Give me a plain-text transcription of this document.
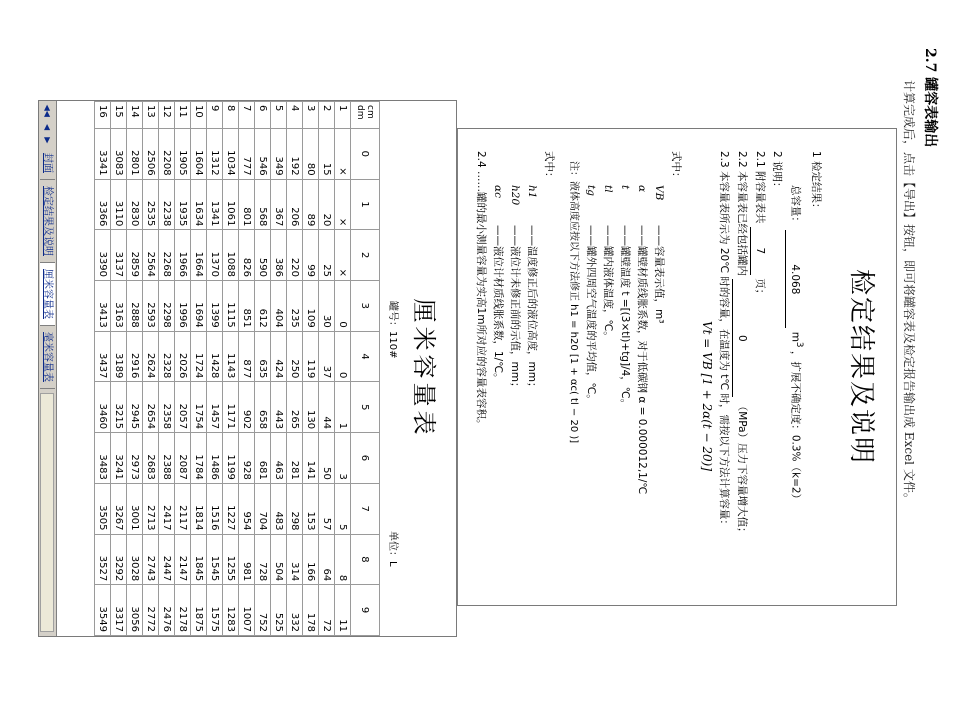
2.7 罐容表输出
计算完成后，点击【导出】按钮，即可将罐容表及检定报告输出成 Excel 文件。
检定结果及说明
1 检定结果：
总容量： 4.068 $m^3$ ，扩展不确定度：0.3%（k=2）
2 说明：
2.1 附容量表共 7 页；
2.2 本容量表已经包括罐内 0 （MPa）压力下容量增大值；
2.3 本容量表所示为 20℃ 时的容量，在温度为 t℃ 时，需按以下方法计算容量：
Vt = VB [1 + 2α(t − 20)]
式中：
VB——容量表示值，m³
α——罐壁材质线胀系数，对于低碳钢 α = 0.000012,1/℃
t——罐壁温度 t =[(3×tl)+tg]/4，℃。
tl——罐内液体温度，℃。
tg——罐外四周空气温度的平均值，℃。
注：液体高度应按以下方法修正 h1 = h20 [1 + αc( tl − 20 )]
式中：
h1——温度修正后的液位高度，mm；
h20——液位计未修正前的示值，mm；
αc——液位计材质线胀系数，1/℃。
2.4 ……罐的最小测量容量为实高1m所对应的容量表容积。
厘米容量表
罐号：110#
单位：L
cm
dm	0	1	2	3	4	5	6	7	8	9
1	×	×	×	0	0	1	3	5	8	11
2	15	20	25	30	37	44	50	57	64	72
3	80	89	99	109	119	130	141	153	166	178
4	192	206	220	235	250	265	281	298	314	332
5	349	367	386	404	424	443	463	483	504	525
6	546	568	590	612	635	658	681	704	728	752
7	777	801	826	851	877	902	928	954	981	1007
8	1034	1061	1088	1115	1143	1171	1199	1227	1255	1283
9	1312	1341	1370	1399	1428	1457	1486	1516	1545	1575
10	1604	1634	1664	1694	1724	1754	1784	1814	1845	1875
11	1905	1935	1966	1996	2026	2057	2087	2117	2147	2178
12	2208	2238	2268	2298	2328	2358	2388	2417	2447	2476
13	2506	2535	2564	2593	2624	2654	2683	2713	2743	2772
14	2801	2830	2859	2888	2916	2945	2973	3001	3028	3056
15	3083	3110	3137	3163	3189	3215	3241	3267	3292	3317
16	3341	3366	3390	3413	3437	3460	3483	3505	3527	3549
◀◀
◀
▶
封面
检定结果及说明
厘米容量表
毫米容量表
